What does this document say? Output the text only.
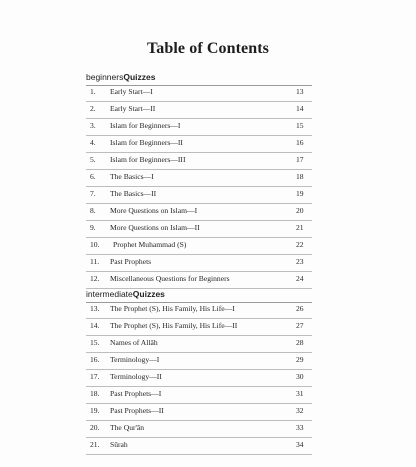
Table of Contents
beginnersQuizzes
1. Early Start—I	13
2. Early Start—II	14
3. Islam for Beginners—I	15
4. Islam for Beginners—II	16
5. Islam for Beginners—III	17
6. The Basics—I	18
7. The Basics—II	19
8. More Questions on Islam—I	20
9. More Questions on Islam—II	21
10. Prophet Muhammad (S)	22
11. Past Prophets	23
12. Miscellaneous Questions for Beginners	24
intermediateQuizzes
13. The Prophet (S), His Family, His Life—I	26
14. The Prophet (S), His Family, His Life—II	27
15. Names of Allāh	28
16. Terminology—I	29
17. Terminology—II	30
18. Past Prophets—I	31
19. Past Prophets—II	32
20. The Qur'ān	33
21. Sūrah	34
